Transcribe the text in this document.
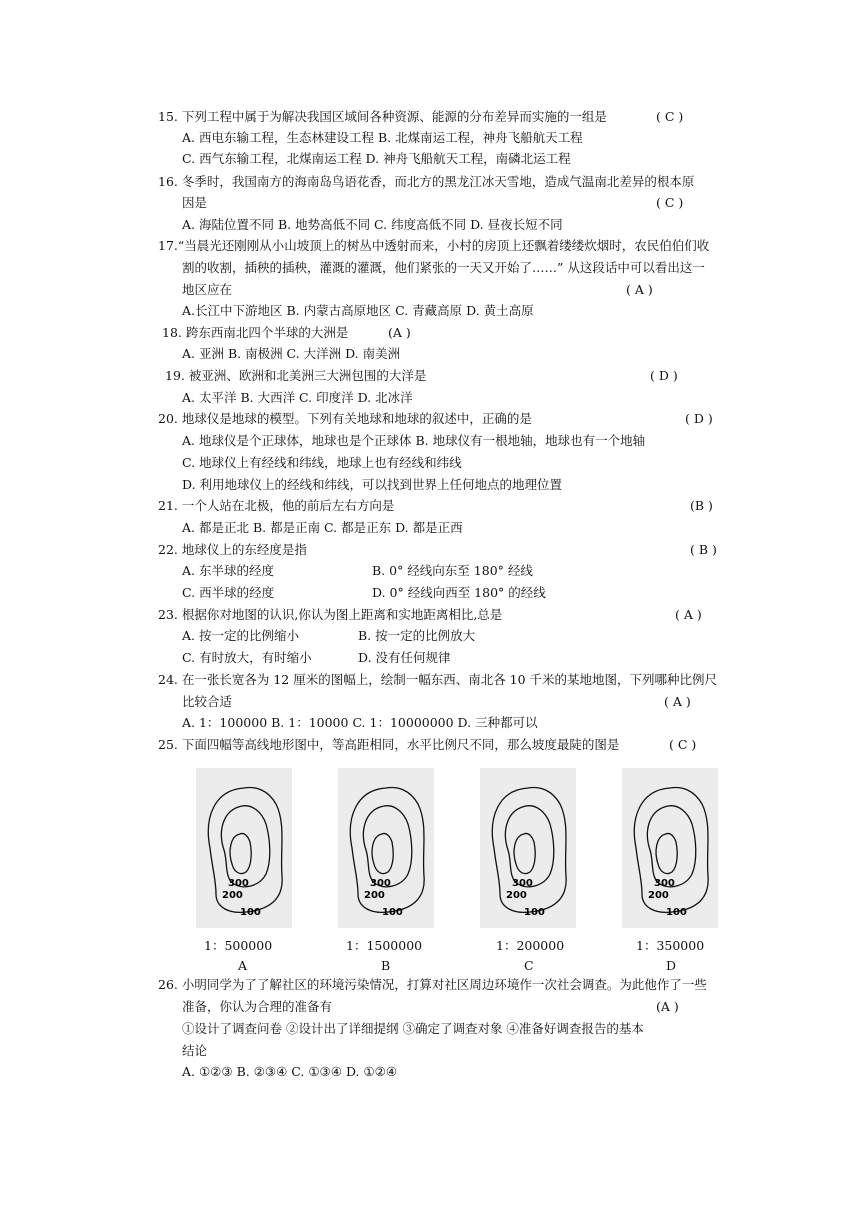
15. 下列工程中属于为解决我国区域间各种资源、能源的分布差异而实施的一组是	( C )
A. 西电东输工程，生态林建设工程 B. 北煤南运工程，神舟飞船航天工程
C. 西气东输工程，北煤南运工程 D. 神舟飞船航天工程，南磷北运工程
16. 冬季时，我国南方的海南岛鸟语花香，而北方的黑龙江冰天雪地，造成气温南北差异的根本原
因是	( C )
A. 海陆位置不同 B. 地势高低不同 C. 纬度高低不同 D. 昼夜长短不同
17.“当晨光还刚刚从小山坡顶上的树丛中透射而来，小村的房顶上还飘着缕缕炊烟时，农民伯伯们收
割的收割，插秧的插秧，灌溉的灌溉，他们紧张的一天又开始了……” 从这段话中可以看出这一
地区应在	( A )
A.长江中下游地区 B. 内蒙古高原地区 C. 青藏高原 D. 黄土高原
18. 跨东西南北四个半球的大洲是	(A )
A. 亚洲 B. 南极洲 C. 大洋洲 D. 南美洲
19. 被亚洲、欧洲和北美洲三大洲包围的大洋是	( D )
A. 太平洋 B. 大西洋 C. 印度洋 D. 北冰洋
20. 地球仪是地球的模型。下列有关地球和地球的叙述中，正确的是	( D )
A. 地球仪是个正球体，地球也是个正球体 B. 地球仪有一根地轴，地球也有一个地轴
C. 地球仪上有经线和纬线，地球上也有经线和纬线
D. 利用地球仪上的经线和纬线，可以找到世界上任何地点的地理位置
21. 一个人站在北极，他的前后左右方向是	(B )
A. 都是正北 B. 都是正南 C. 都是正东 D. 都是正西
22. 地球仪上的东经度是指	( B )
A. 东半球的经度	B. 0° 经线向东至 180° 经线
C. 西半球的经度	D. 0° 经线向西至 180° 的经线
23. 根据你对地图的认识,你认为图上距离和实地距离相比,总是	( A )
A. 按一定的比例缩小	B. 按一定的比例放大
C. 有时放大，有时缩小	D. 没有任何规律
24. 在一张长宽各为 12 厘米的图幅上，绘制一幅东西、南北各 10 千米的某地地图，下列哪种比例尺
比较合适	( A )
A. 1：100000 B. 1：10000 C. 1：10000000 D. 三种都可以
25. 下面四幅等高线地形图中，等高距相同，水平比例尺不同，那么坡度最陡的图是	( C )
300
200
100
1：500000
A
300
200
100
1：1500000
B
300
200
100
1：200000
C
300
200
100
1：350000
D
26. 小明同学为了了解社区的环境污染情况，打算对社区周边环境作一次社会调查。为此他作了一些
准备，你认为合理的准备有	(A )
①设计了调查问卷 ②设计出了详细提纲 ③确定了调查对象 ④准备好调查报告的基本
结论
A. ①②③ B. ②③④ C. ①③④ D. ①②④
